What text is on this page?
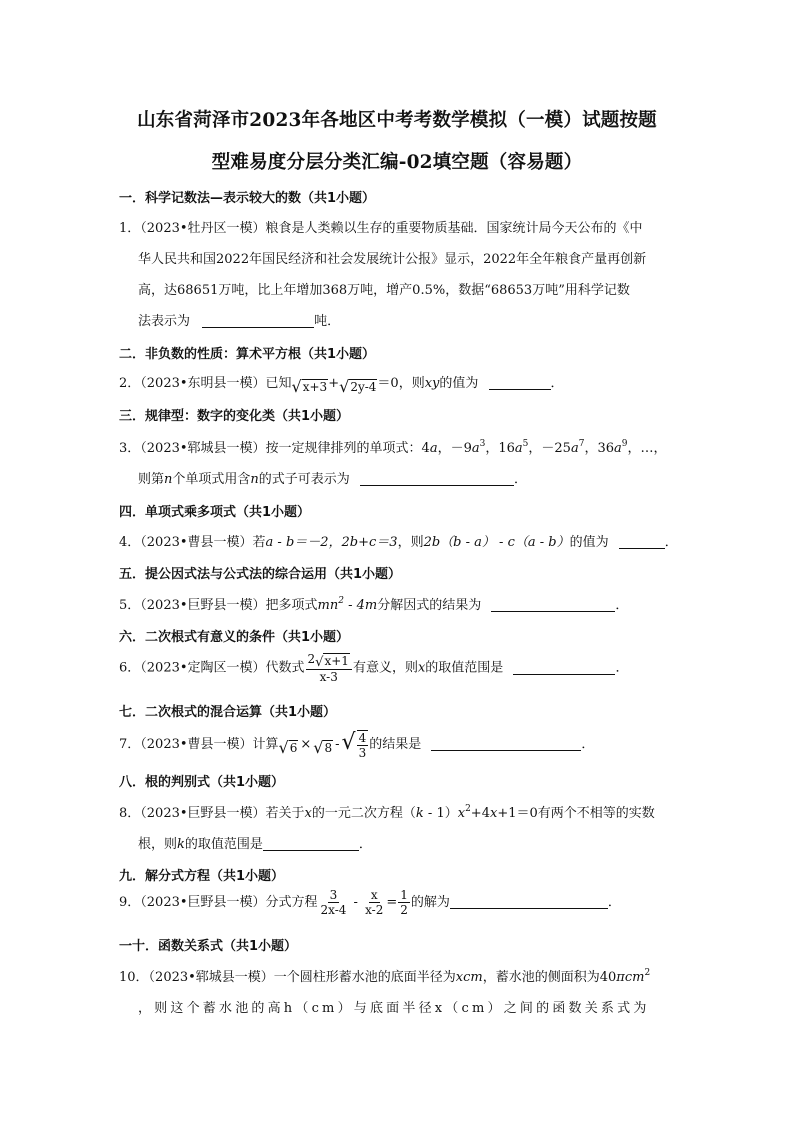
山东省菏泽市2023年各地区中考考数学模拟（一模）试题按题
型难易度分层分类汇编-02填空题（容易题）
一．科学记数法—表示较大的数（共1小题）
1．（2023•牡丹区一模）粮食是人类赖以生存的重要物质基础．国家统计局今天公布的《中
华人民共和国2022年国民经济和社会发展统计公报》显示，2022年全年粮食产量再创新
高，达68651万吨，比上年增加368万吨，增产0.5%，数据“68653万吨”用科学记数
法表示为	吨．
二．非负数的性质：算术平方根（共1小题）
2．（2023•东明县一模）已知√x+3+√2y-4＝0，则xy的值为	．
三．规律型：数字的变化类（共1小题）
3．（2023•郓城县一模）按一定规律排列的单项式：4a，$-9a^3$，$16a^5$，$-25a^7$，$36a^9$，…，
则第n个单项式用含n的式子可表示为	．
四．单项式乘多项式（共1小题）
4．（2023•曹县一模）若a - b＝－2，2b+c＝3，则2b（b - a） - c（a - b）的值为	．
五．提公因式法与公式法的综合运用（共1小题）
5．（2023•巨野县一模）把多项式$mn^2 - 4m$分解因式的结果为	．
六．二次根式有意义的条件（共1小题）
6．（2023•定陶区一模）代数式 $\frac{2√x+1}{x-3}$ 有意义，则x的取值范围是	．
七．二次根式的混合运算（共1小题）
7．（2023•曹县一模）计算√6 × √8 -√ $\frac{4}{3}$ 的结果是	．
八．根的判别式（共1小题）
8．（2023•巨野县一模）若关于x的一元二次方程$(k - 1)x^2+4x+1=0$有两个不相等的实数
根，则k的取值范围是	．
九．解分式方程（共1小题）
9．（2023•巨野县一模）分式方程 $\frac{3}{2x-4} - \frac{x}{x-2} = \frac{1}{2}$ 的解为	．
一十．函数关系式（共1小题）
10．（2023•郓城县一模）一个圆柱形蓄水池的底面半径为xcm，蓄水池的侧面积为40πcm$^2$
，则这个蓄水池的高h（cm）与底面半径x（cm）之间的函数关系式为
